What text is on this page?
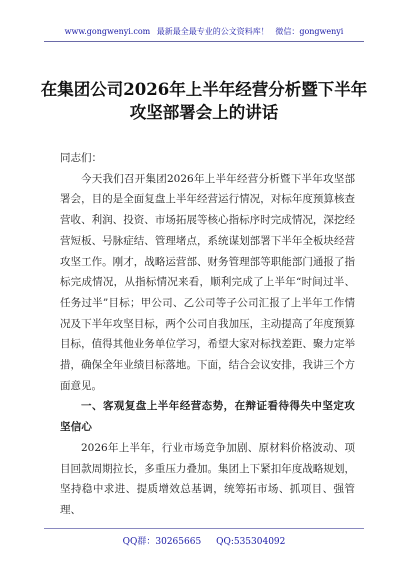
www.gongwenyi.com 最新最全最专业的公文资料库！ 微信：gongwenyi
在集团公司2026年上半年经营分析暨下半年攻坚部署会上的讲话

同志们：

今天我们召开集团2026年上半年经营分析暨下半年攻坚部署会，目的是全面复盘上半年经营运行情况，对标年度预算核查营收、利润、投资、市场拓展等核心指标序时完成情况，深挖经营短板、号脉症结、管理堵点，系统谋划部署下半年全板块经营攻坚工作。刚才，战略运营部、财务管理部等职能部门通报了指标完成情况，从指标情况来看，顺利完成了上半年“时间过半、任务过半”目标；甲公司、乙公司等子公司汇报了上半年工作情况及下半年攻坚目标，两个公司自我加压，主动提高了年度预算目标，值得其他业务单位学习，希望大家对标找差距、聚力定举措，确保全年业绩目标落地。下面，结合会议安排，我讲三个方面意见。

一、客观复盘上半年经营态势，在辩证看待得失中坚定攻坚信心

2026年上半年，行业市场竞争加剧、原材料价格波动、项目回款周期拉长，多重压力叠加。集团上下紧扣年度战略规划，坚持稳中求进、提质增效总基调，统筹拓市场、抓项目、强管理、

QQ群：30265665 QQ:535304092
